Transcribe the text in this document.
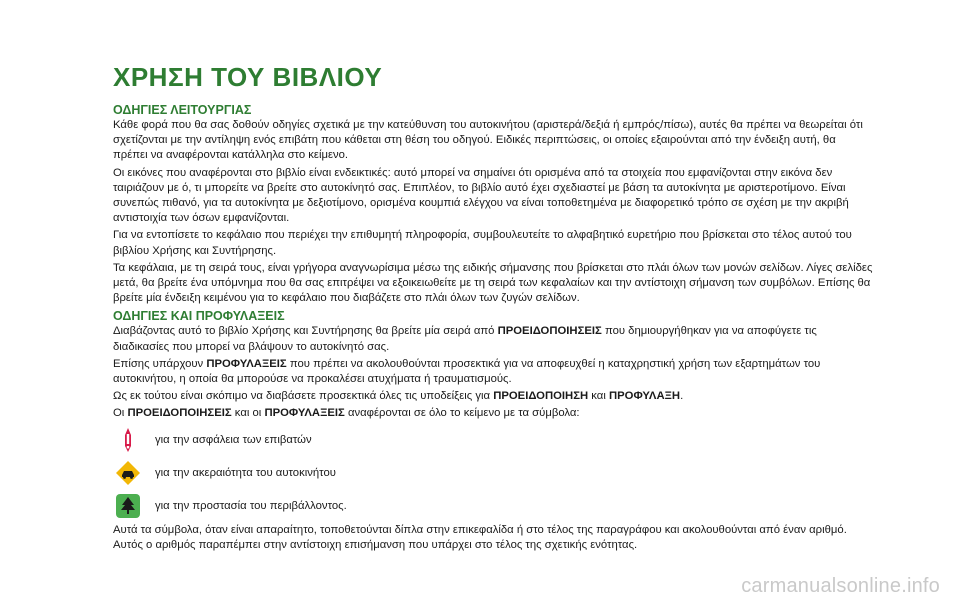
ΧΡΗΣΗ ΤΟΥ ΒΙΒΛΙΟΥ
ΟΔΗΓΙΕΣ ΛΕΙΤΟΥΡΓΙΑΣ

Κάθε φορά που θα σας δοθούν οδηγίες σχετικά με την κατεύθυνση του αυτοκινήτου (αριστερά/δεξιά ή εμπρός/πίσω), αυτές θα πρέπει να θεωρείται ότι σχετίζονται με την αντίληψη ενός επιβάτη που κάθεται στη θέση του οδηγού. Ειδικές περιπτώσεις, οι οποίες εξαιρούνται από την ένδειξη αυτή, θα πρέπει να αναφέρονται κατάλληλα στο κείμενο.

Οι εικόνες που αναφέρονται στο βιβλίο είναι ενδεικτικές: αυτό μπορεί να σημαίνει ότι ορισμένα από τα στοιχεία που εμφανίζονται στην εικόνα δεν ταιριάζουν με ό, τι μπορείτε να βρείτε στο αυτοκίνητό σας. Επιπλέον, το βιβλίο αυτό έχει σχεδιαστεί με βάση τα αυτοκίνητα με αριστεροτίμονο. Είναι συνεπώς πιθανό, για τα αυτοκίνητα με δεξιοτίμονο, ορισμένα κουμπιά ελέγχου να είναι τοποθετημένα με διαφορετικό τρόπο σε σχέση με την ακριβή αντιστοιχία των όσων εμφανίζονται.

Για να εντοπίσετε το κεφάλαιο που περιέχει την επιθυμητή πληροφορία, συμβουλευτείτε το αλφαβητικό ευρετήριο που βρίσκεται στο τέλος αυτού του βιβλίου Χρήσης και Συντήρησης.

Τα κεφάλαια, με τη σειρά τους, είναι γρήγορα αναγνωρίσιμα μέσω της ειδικής σήμανσης που βρίσκεται στο πλάι όλων των μονών σελίδων. Λίγες σελίδες μετά, θα βρείτε ένα υπόμνημα που θα σας επιτρέψει να εξοικειωθείτε με τη σειρά των κεφαλαίων και την αντίστοιχη σήμανση των συμβόλων. Επίσης θα βρείτε μία ένδειξη κειμένου για το κεφάλαιο που διαβάζετε στο πλάι όλων των ζυγών σελίδων.

ΟΔΗΓΙΕΣ ΚΑΙ ΠΡΟΦΥΛΑΞΕΙΣ

Διαβάζοντας αυτό το βιβλίο Χρήσης και Συντήρησης θα βρείτε μία σειρά από ΠΡΟΕΙΔΟΠΟΙΗΣΕΙΣ που δημιουργήθηκαν για να αποφύγετε τις διαδικασίες που μπορεί να βλάψουν το αυτοκίνητό σας.

Επίσης υπάρχουν ΠΡΟΦΥΛΑΞΕΙΣ που πρέπει να ακολουθούνται προσεκτικά για να αποφευχθεί η καταχρηστική χρήση των εξαρτημάτων του αυτοκινήτου, η οποία θα μπορούσε να προκαλέσει ατυχήματα ή τραυματισμούς.

Ως εκ τούτου είναι σκόπιμο να διαβάσετε προσεκτικά όλες τις υποδείξεις για ΠΡΟΕΙΔΟΠΟΙΗΣΗ και ΠΡΟΦΥΛΑΞΗ.

Οι ΠΡΟΕΙΔΟΠΟΙΗΣΕΙΣ και οι ΠΡΟΦΥΛΑΞΕΙΣ αναφέρονται σε όλο το κείμενο με τα σύμβολα:

για την ασφάλεια των επιβατών
για την ακεραιότητα του αυτοκινήτου
για την προστασία του περιβάλλοντος.

Αυτά τα σύμβολα, όταν είναι απαραίτητο, τοποθετούνται δίπλα στην επικεφαλίδα ή στο τέλος της παραγράφου και ακολουθούνται από έναν αριθμό. Αυτός ο αριθμός παραπέμπει στην αντίστοιχη επισήμανση που υπάρχει στο τέλος της σχετικής ενότητας.

carmanualsonline.info
